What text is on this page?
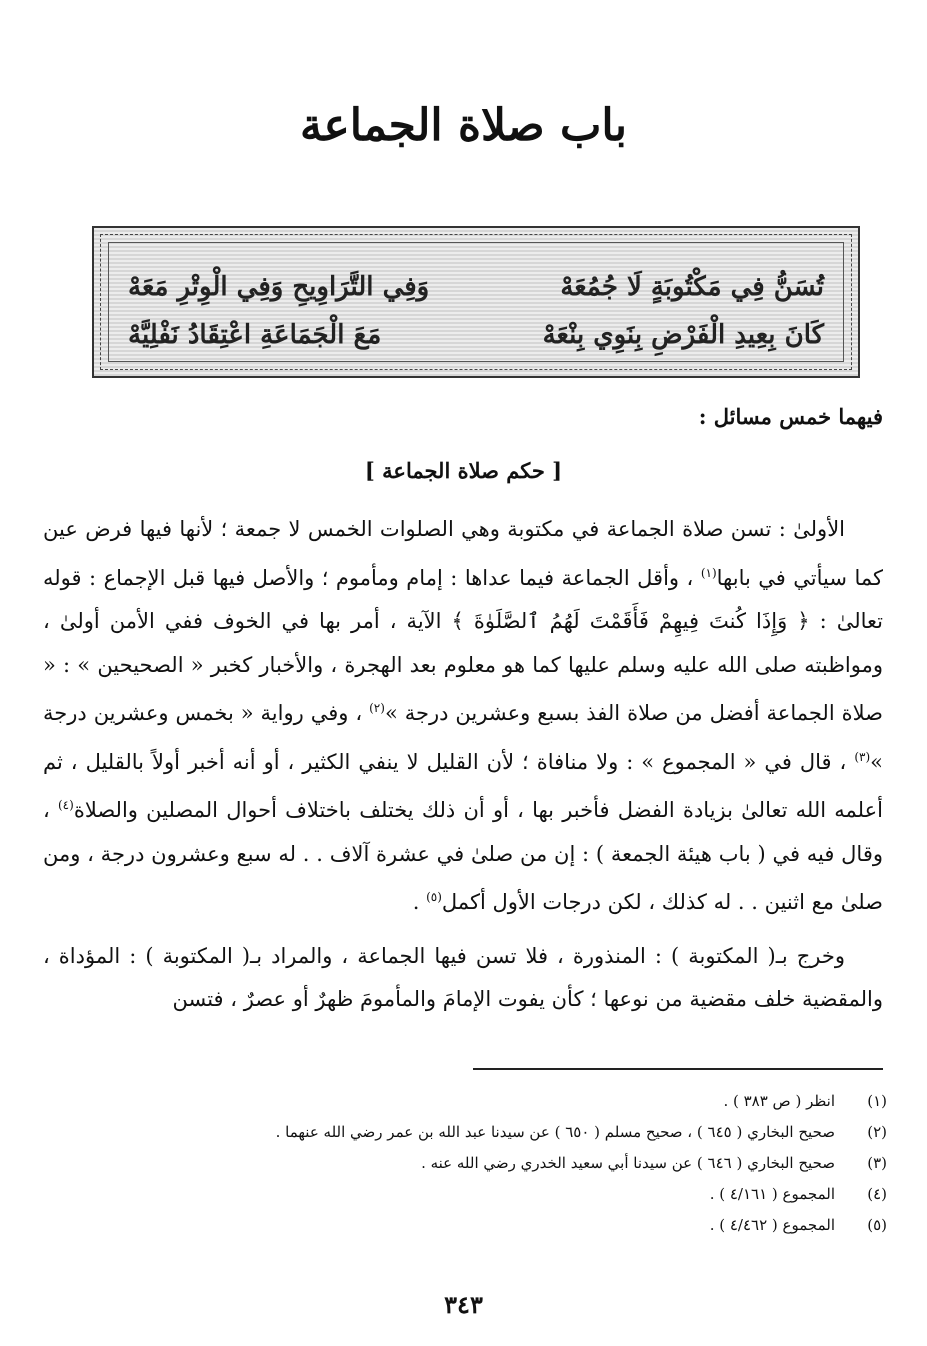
باب صلاة الجماعة
تُسَنُّ فِي مَكْتُوبَةٍ لَا جُمُعَهْ
وَفِي التَّرَاوِيحِ وَفِي الْوِتْرِ مَعَهْ
كَانَ بِعِيدِ الْفَرْضِ بِنَوِي بِنْعَهْ
مَعَ الْجَمَاعَةِ اعْتِقَادُ نَفْلِيَّهْ
فيهما خمس مسائل :
[ حكم صلاة الجماعة ]

الأولىٰ : تسن صلاة الجماعة في مكتوبة وهي الصلوات الخمس لا جمعة ؛ لأنها فيها فرض عين كما سيأتي في بابها$^{(١)}$ ، وأقل الجماعة فيما عداها : إمام ومأموم ؛ والأصل فيها قبل الإجماع : قوله تعالىٰ : ﴿ وَإِذَا كُنتَ فِيهِمْ فَأَقَمْتَ لَهُمُ ٱلصَّلَوٰةَ ﴾ الآية ، أمر بها في الخوف ففي الأمن أولىٰ ، ومواظبته صلى الله عليه وسلم عليها كما هو معلوم بعد الهجرة ، والأخبار كخبر « الصحيحين » : « صلاة الجماعة أفضل من صلاة الفذ بسبع وعشرين درجة »$^{(٢)}$ ، وفي رواية « بخمس وعشرين درجة »$^{(٣)}$ ، قال في « المجموع » : ولا منافاة ؛ لأن القليل لا ينفي الكثير ، أو أنه أخبر أولاً بالقليل ، ثم أعلمه الله تعالىٰ بزيادة الفضل فأخبر بها ، أو أن ذلك يختلف باختلاف أحوال المصلين والصلاة$^{(٤)}$ ، وقال فيه في ( باب هيئة الجمعة ) : إن من صلىٰ في عشرة آلاف . . له سبع وعشرون درجة ، ومن صلىٰ مع اثنين . . له كذلك ، لكن درجات الأول أكمل$^{(٥)}$ .

وخرج بـ( المكتوبة ) : المنذورة ، فلا تسن فيها الجماعة ، والمراد بـ( المكتوبة ) : المؤداة ، والمقضية خلف مقضية من نوعها ؛ كأن يفوت الإمامَ والمأمومَ ظهرٌ أو عصرٌ ، فتسن

(١)
انظر ( ص ٣٨٣ ) .
(٢)
صحيح البخاري ( ٦٤٥ ) ، صحيح مسلم ( ٦٥٠ ) عن سيدنا عبد الله بن عمر رضي الله عنهما .
(٣)
صحيح البخاري ( ٦٤٦ ) عن سيدنا أبي سعيد الخدري رضي الله عنه .
(٤)
المجموع ( ٤/١٦١ ) .
(٥)
المجموع ( ٤/٤٦٢ ) .
٣٤٣
